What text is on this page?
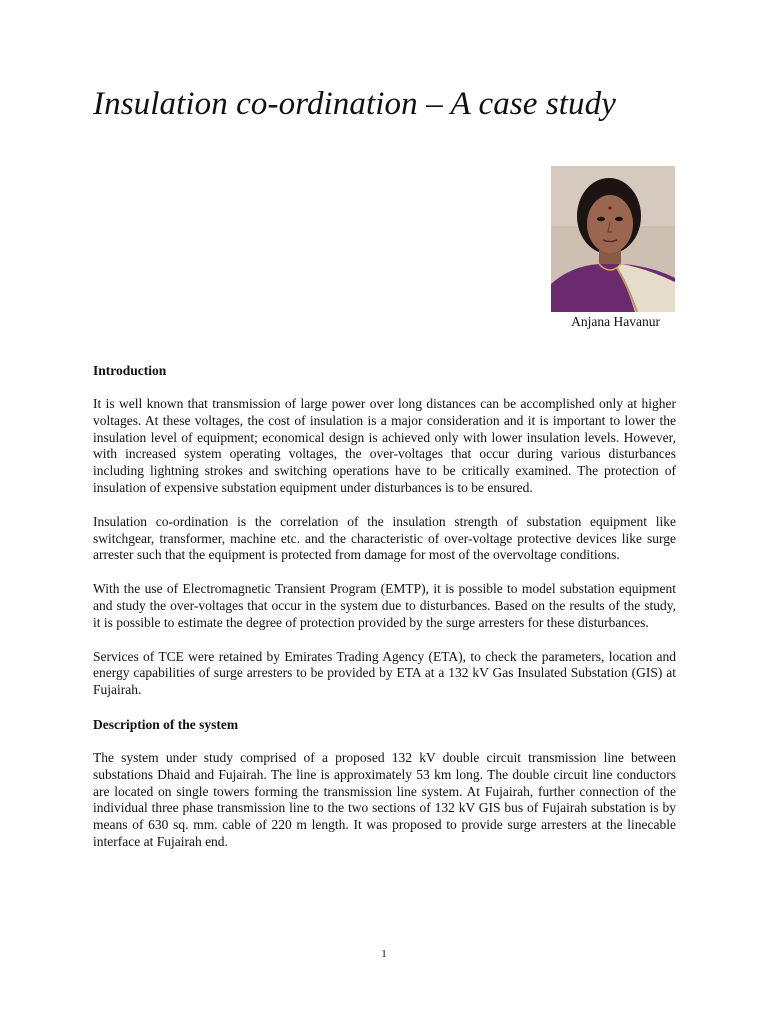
Insulation co-ordination – A case study

Anjana Havanur

Introduction

It is well known that transmission of large power over long distances can be accomplished only at higher voltages. At these voltages, the cost of insulation is a major consideration and it is important to lower the insulation level of equipment; economical design is achieved only with lower insulation levels. However, with increased system operating voltages, the over-voltages that occur during various disturbances including lightning strokes and switching operations have to be critically examined. The protection of insulation of expensive substation equipment under disturbances is to be ensured.

Insulation co-ordination is the correlation of the insulation strength of substation equipment like switchgear, transformer, machine etc. and the characteristic of over-voltage protective devices like surge arrester such that the equipment is protected from damage for most of the overvoltage conditions.

With the use of Electromagnetic Transient Program (EMTP), it is possible to model substation equipment and study the over-voltages that occur in the system due to disturbances. Based on the results of the study, it is possible to estimate the degree of protection provided by the surge arresters for these disturbances.

Services of TCE were retained by Emirates Trading Agency (ETA), to check the parameters, location and energy capabilities of surge arresters to be provided by ETA at a 132 kV Gas Insulated Substation (GIS) at Fujairah.

Description of the system

The system under study comprised of a proposed 132 kV double circuit transmission line between substations Dhaid and Fujairah. The line is approximately 53 km long. The double circuit line conductors are located on single towers forming the transmission line system. At Fujairah, further connection of the individual three phase transmission line to the two sections of 132 kV GIS bus of Fujairah substation is by means of 630 sq. mm. cable of 220 m length. It was proposed to provide surge arresters at the linecable interface at Fujairah end.

1
